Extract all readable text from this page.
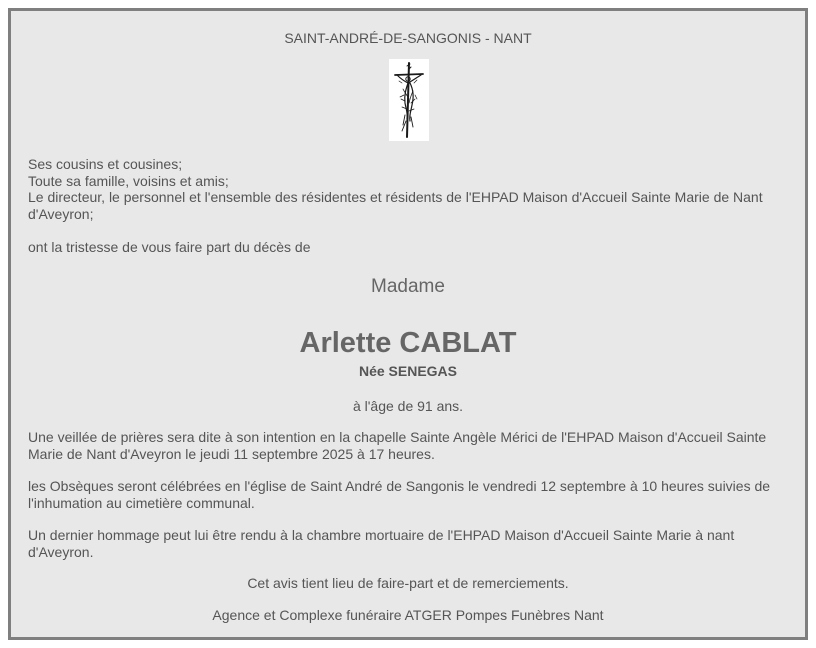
SAINT-ANDRÉ-DE-SANGONIS - NANT
Ses cousins et cousines;
Toute sa famille, voisins et amis;
Le directeur, le personnel et l'ensemble des résidentes et résidents de l'EHPAD Maison d'Accueil Sainte Marie de Nant d'Aveyron;
ont la tristesse de vous faire part du décès de
Madame
Arlette CABLAT
Née SENEGAS
à l'âge de 91 ans.
Une veillée de prières sera dite à son intention en la chapelle Sainte Angèle Mérici de l'EHPAD Maison d'Accueil Sainte Marie de Nant d'Aveyron le jeudi 11 septembre 2025 à 17 heures.
les Obsèques seront célébrées en l'église de Saint André de Sangonis le vendredi 12 septembre à 10 heures suivies de l'inhumation au cimetière communal.
Un dernier hommage peut lui être rendu à la chambre mortuaire de l'EHPAD Maison d'Accueil Sainte Marie à nant d'Aveyron.
Cet avis tient lieu de faire-part et de remerciements.
Agence et Complexe funéraire ATGER Pompes Funèbres Nant
